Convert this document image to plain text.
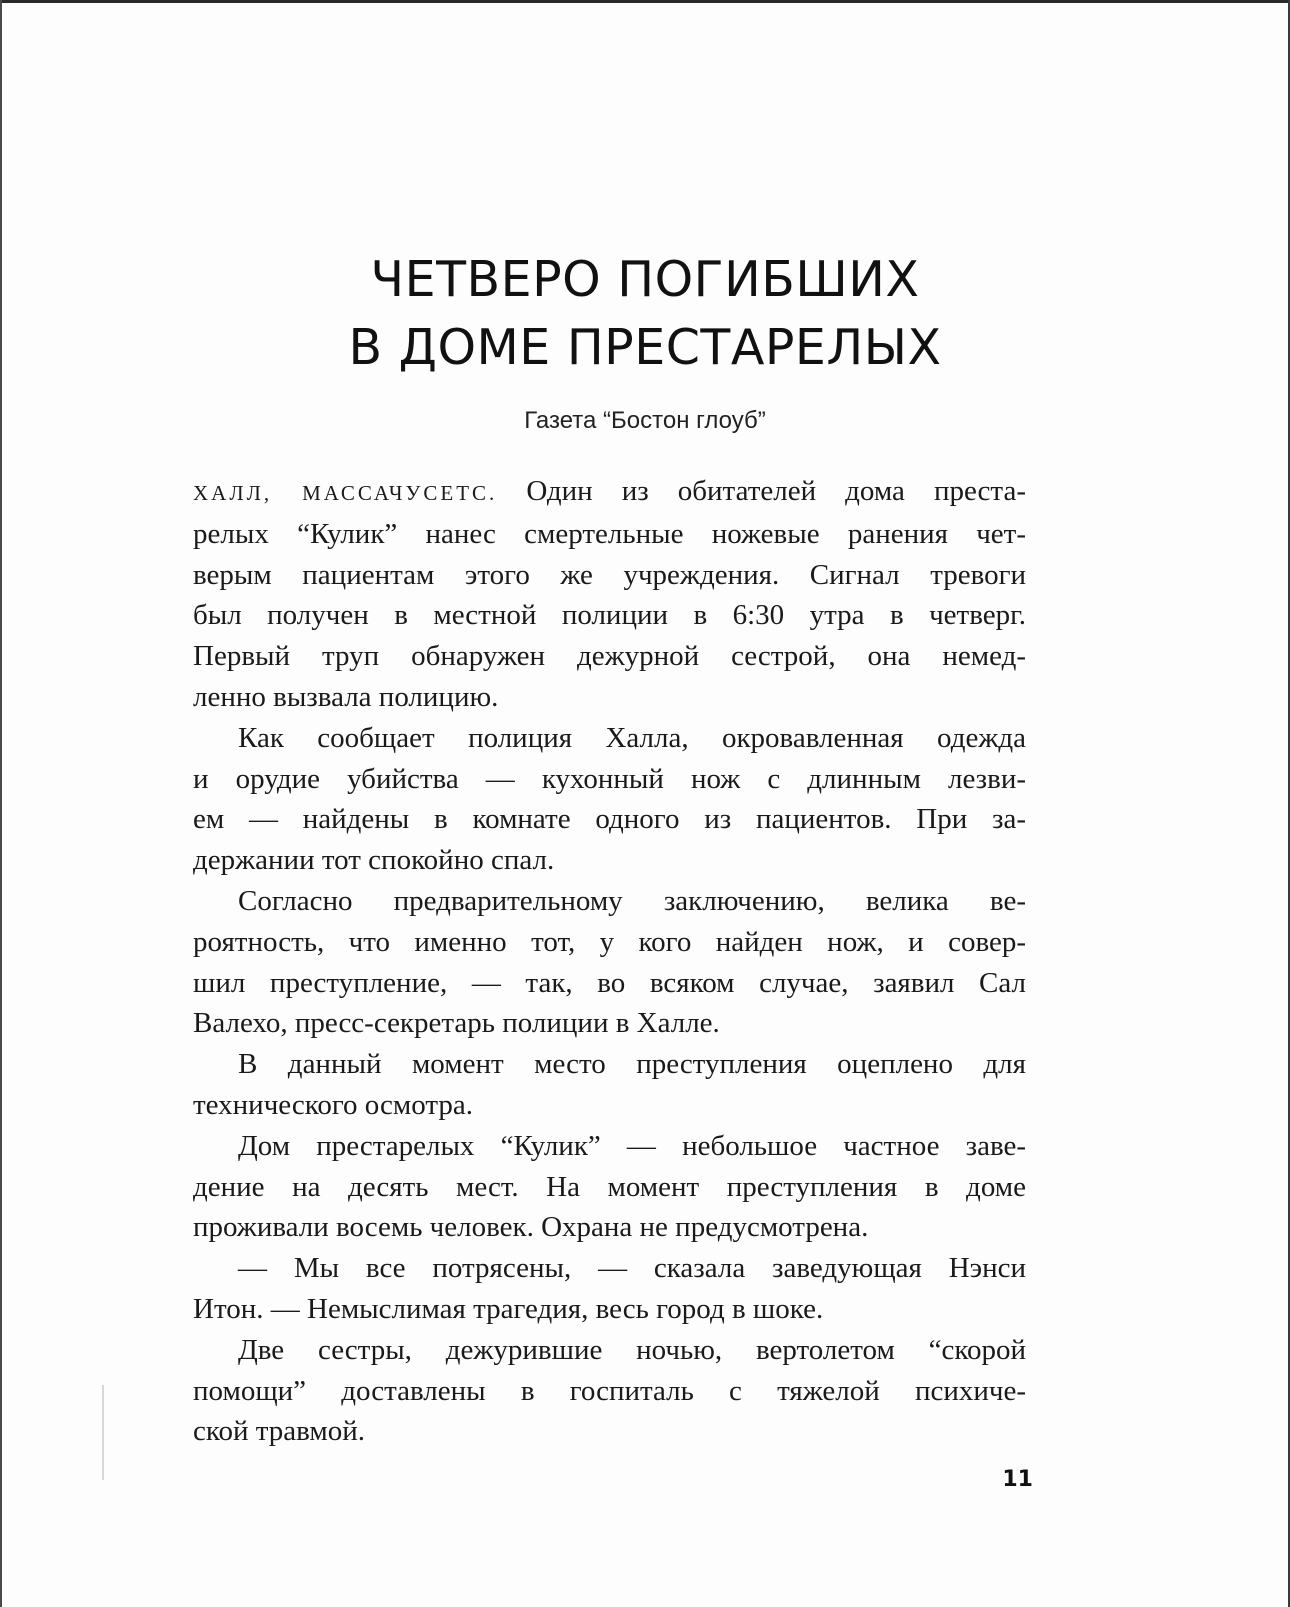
ЧЕТВЕРО ПОГИБШИХ
В ДОМЕ ПРЕСТАРЕЛЫХ
Газета “Бостон глоуб”
ХАЛЛ, МАССАЧУСЕТС. Один из обитателей дома преста-
релых “Кулик” нанес смертельные ножевые ранения чет-
верым пациентам этого же учреждения. Сигнал тревоги
был получен в местной полиции в 6:30 утра в четверг.
Первый труп обнаружен дежурной сестрой, она немед-
ленно вызвала полицию.
Как сообщает полиция Халла, окровавленная одежда
и орудие убийства — кухонный нож с длинным лезви-
ем — найдены в комнате одного из пациентов. При за-
держании тот спокойно спал.
Согласно предварительному заключению, велика ве-
роятность, что именно тот, у кого найден нож, и совер-
шил преступление, — так, во всяком случае, заявил Сал
Валехо, пресс-секретарь полиции в Халле.
В данный момент место преступления оцеплено для
технического осмотра.
Дом престарелых “Кулик” — небольшое частное заве-
дение на десять мест. На момент преступления в доме
проживали восемь человек. Охрана не предусмотрена.
— Мы все потрясены, — сказала заведующая Нэнси
Итон. — Немыслимая трагедия, весь город в шоке.
Две сестры, дежурившие ночью, вертолетом “скорой
помощи” доставлены в госпиталь с тяжелой психиче-
ской травмой.
11
